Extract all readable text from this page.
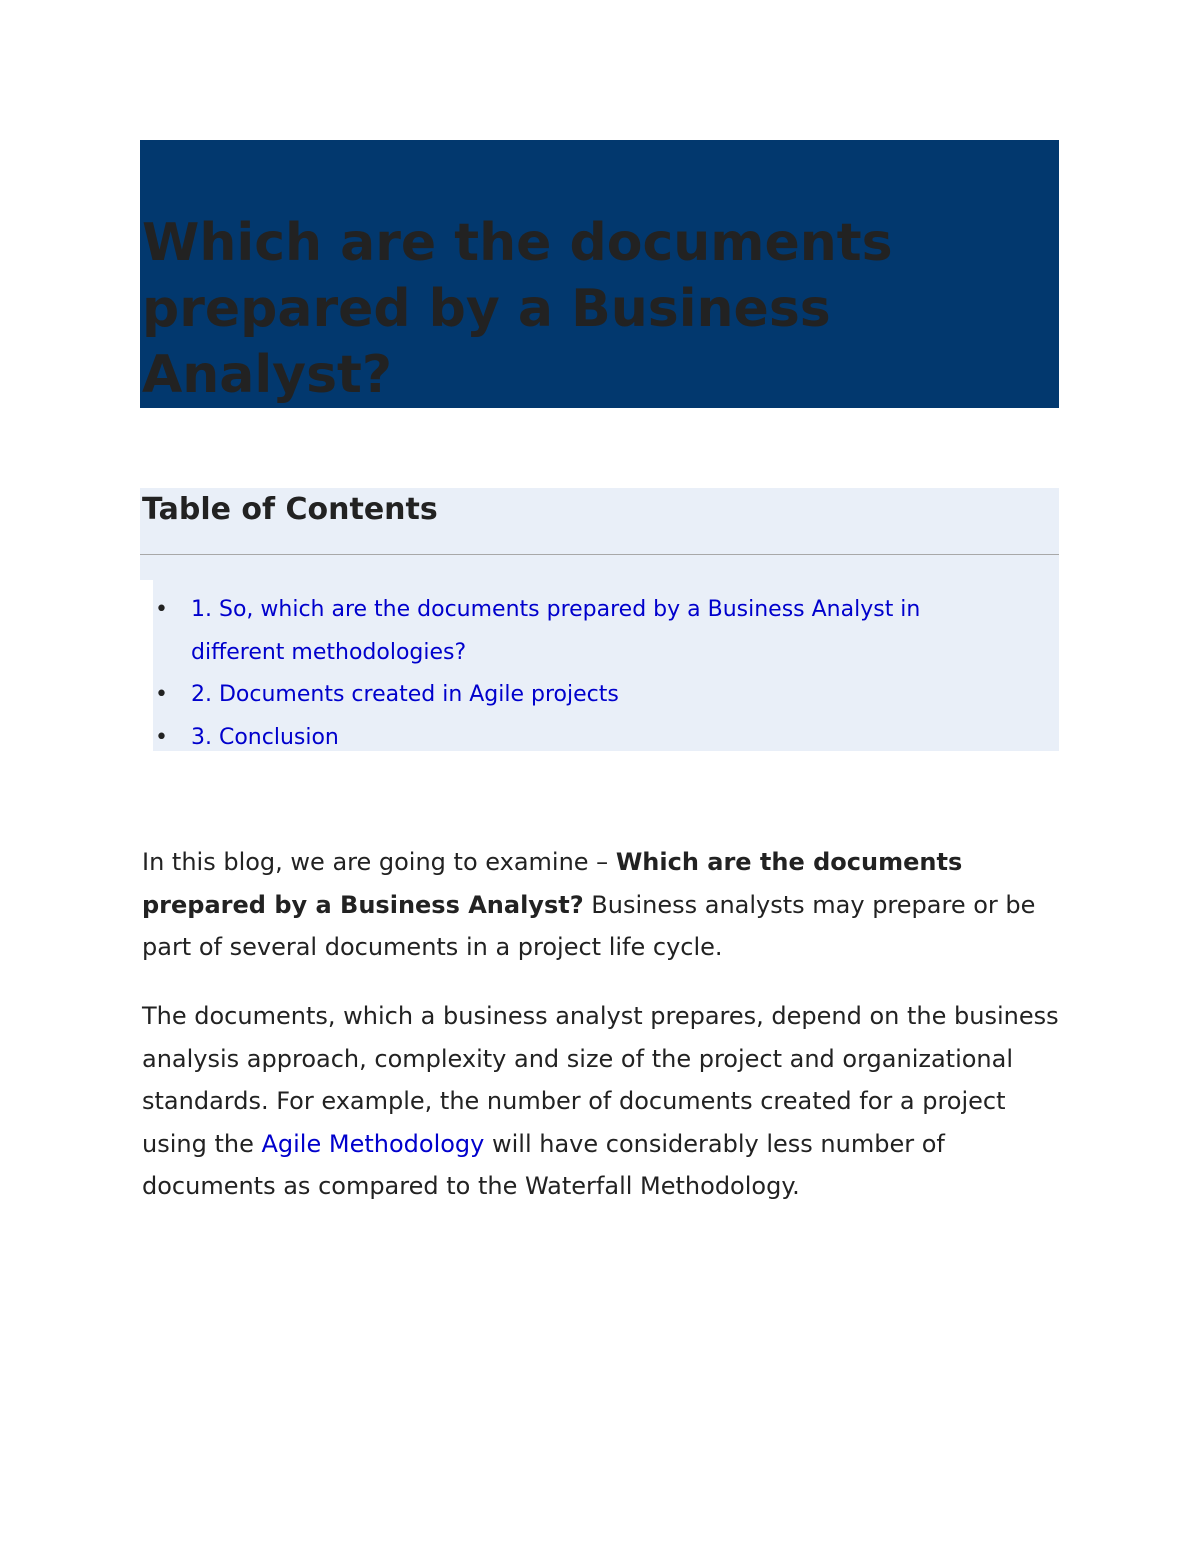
Which are the documents prepared by a Business Analyst?
Table of Contents
• 1. So, which are the documents prepared by a Business Analyst in different methodologies?
• 2. Documents created in Agile projects
• 3. Conclusion

In this blog, we are going to examine – Which are the documents prepared by a Business Analyst? Business analysts may prepare or be part of several documents in a project life cycle.

The documents, which a business analyst prepares, depend on the business analysis approach, complexity and size of the project and organizational standards. For example, the number of documents created for a project using the Agile Methodology will have considerably less number of documents as compared to the Waterfall Methodology.
